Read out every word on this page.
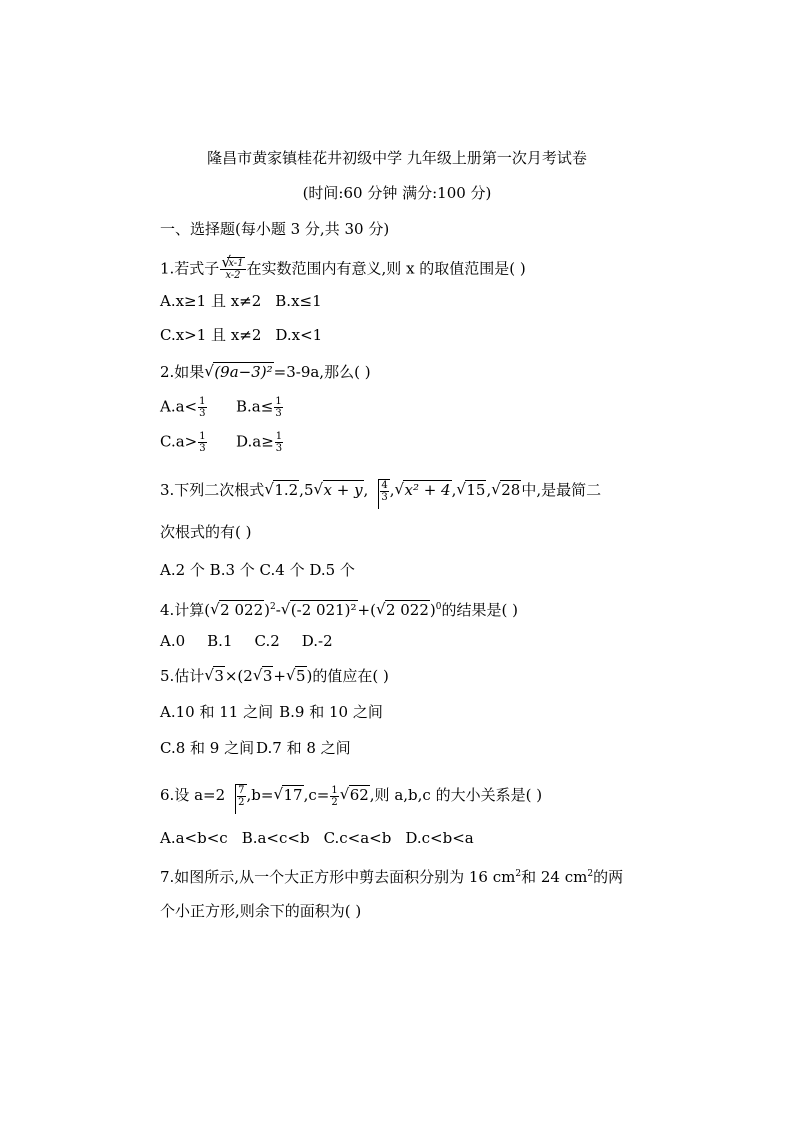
隆昌市黄家镇桂花井初级中学 九年级上册第一次月考试卷
(时间:60 分钟 满分:100 分)
一、选择题(每小题 3 分,共 30 分)
1.若式子
√ $\frac{x-1}{x-2}$ 在实数范围内有意义,则 x 的取值范围是( )
A.x≥1 且 x≠2 B.x≤1
C.x>1 且 x≠2 D.x<1
2.如果√ (9a−3)²=3-9a,那么( )
$A.a< \frac{1}{3} B.a\le \frac{1}{3}$
$C.a> \frac{1}{3} D.a\ge \frac{1}{3}$
3.下列二次根式√ 1.2,5√ x + y, $\frac{4}{3}$ ,√ x² + 4,√ 15,√ 28中,是最简二
次根式的有( )
A.2 个 B.3 个 C.4 个 D.5 个
4.计算(√ 2 022)$^2$-√ (-2 021)²+(√ 2 022)$^0$的结果是( )
A.0 B.1 C.2 D.-2
5.估计√ 3×(2√ 3+√ 5)的值应在( )
A.10 和 11 之间 B.9 和 10 之间
C.8 和 9 之间 D.7 和 8 之间
6.设 $a=2 \frac{7}{2} ,b=√$ $17,c= \frac{1}{2}$
√ 62,则 a,b,c 的大小关系是( )
A.a<b<c B.a<c<b C.c<a<b D.c<b<a
7.如图所示,从一个大正方形中剪去面积分别为 16 $cm^2$和 24 $cm^2$的两
个小正方形,则余下的面积为( )
